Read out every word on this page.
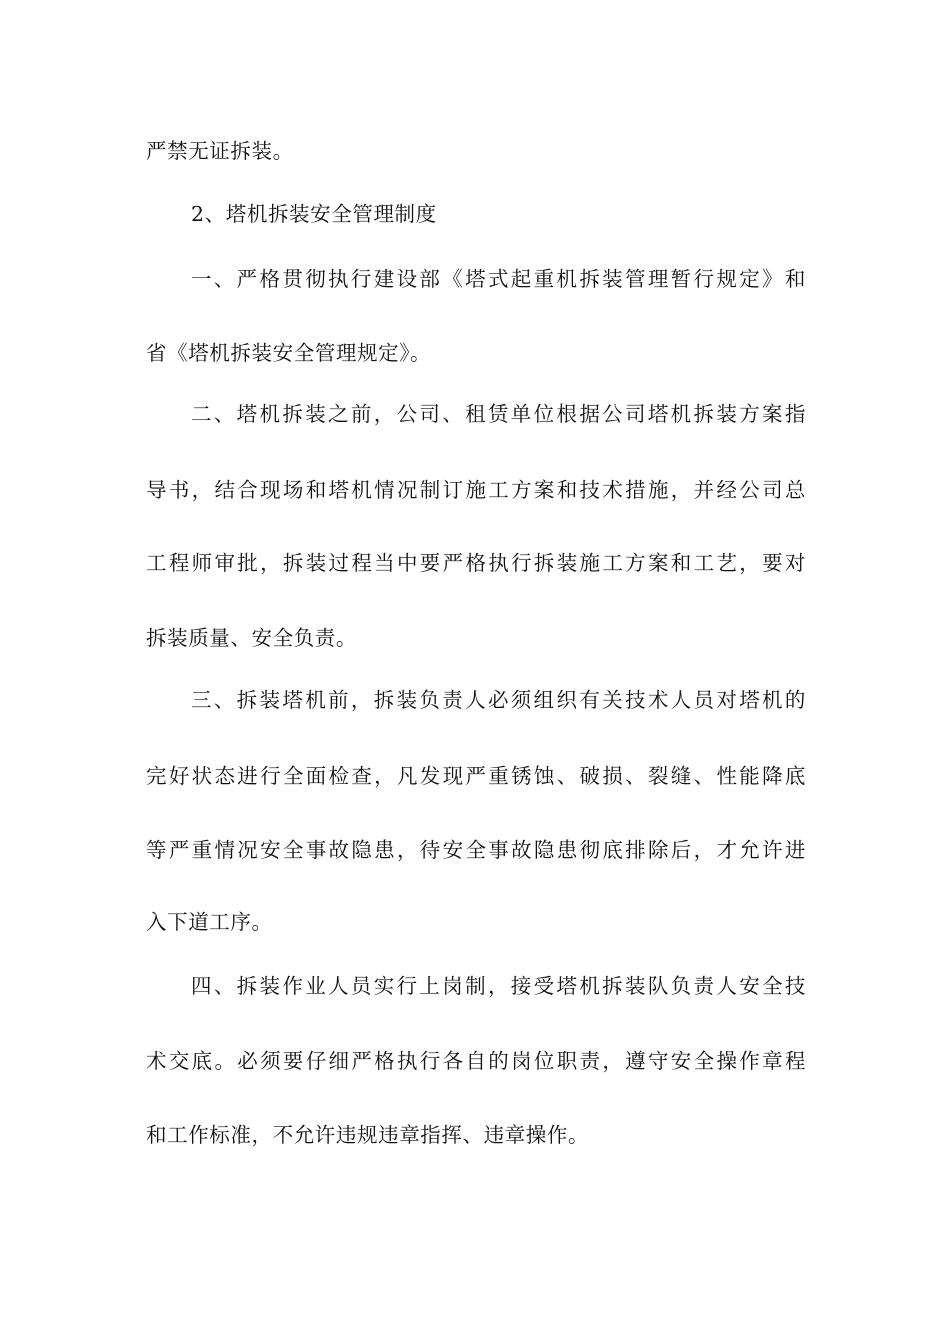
严禁无证拆装。
2、塔机拆装安全管理制度
一、严格贯彻执行建设部《塔式起重机拆装管理暂行规定》和
省《塔机拆装安全管理规定》。
二、塔机拆装之前，公司、租赁单位根据公司塔机拆装方案指
导书，结合现场和塔机情况制订施工方案和技术措施，并经公司总
工程师审批，拆装过程当中要严格执行拆装施工方案和工艺，要对
拆装质量、安全负责。
三、拆装塔机前，拆装负责人必须组织有关技术人员对塔机的
完好状态进行全面检查，凡发现严重锈蚀、破损、裂缝、性能降底
等严重情况安全事故隐患，待安全事故隐患彻底排除后，才允许进
入下道工序。
四、拆装作业人员实行上岗制，接受塔机拆装队负责人安全技
术交底。必须要仔细严格执行各自的岗位职责，遵守安全操作章程
和工作标准，不允许违规违章指挥、违章操作。
